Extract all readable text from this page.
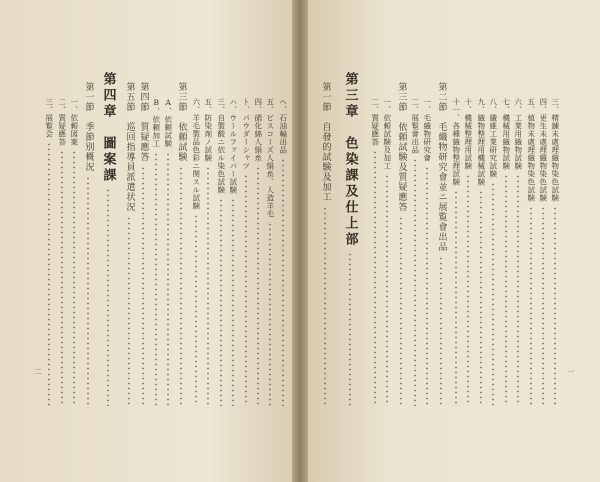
二	一
ヘ、石油輸出品
五、ビスコーズ人絹糸、人造羊毛
四、硝化綿人絹糸
ト、パウダーシャツ
ハ、ウールファイバー試験
三、自製酸ニ依ル染色試験
五、防染剤ノ試験
六、羊毛製品色彩ニ関スル試験
第三節　依頼試験
A、依頼試験
B、依頼加工
第四節　質疑應答
第五節　巡回指導員派遣状況
第四章　圖案課
第一節　季節別概況
一、依頼図案
二、質疑應答
三、展覧会	三、精錬未處理織物染色試験
四、更生未處理織物染色試験
五、植物未處理織物染色試験
六、工業用織物試験
七、機械用織物試験
八、繊維工業研究試験
九、織物整理用機械試験
十、機械整理用試験
十一、各種織物整理試験
第二節　毛織物研究會並ニ展覧會出品
一、毛織物研究會
二、展覧會出品
第三節　依頼試験及質疑應答
一、依頼試験及加工
二、質疑應答
第三章　色染課及仕上部
第一節　自發的試験及加工
